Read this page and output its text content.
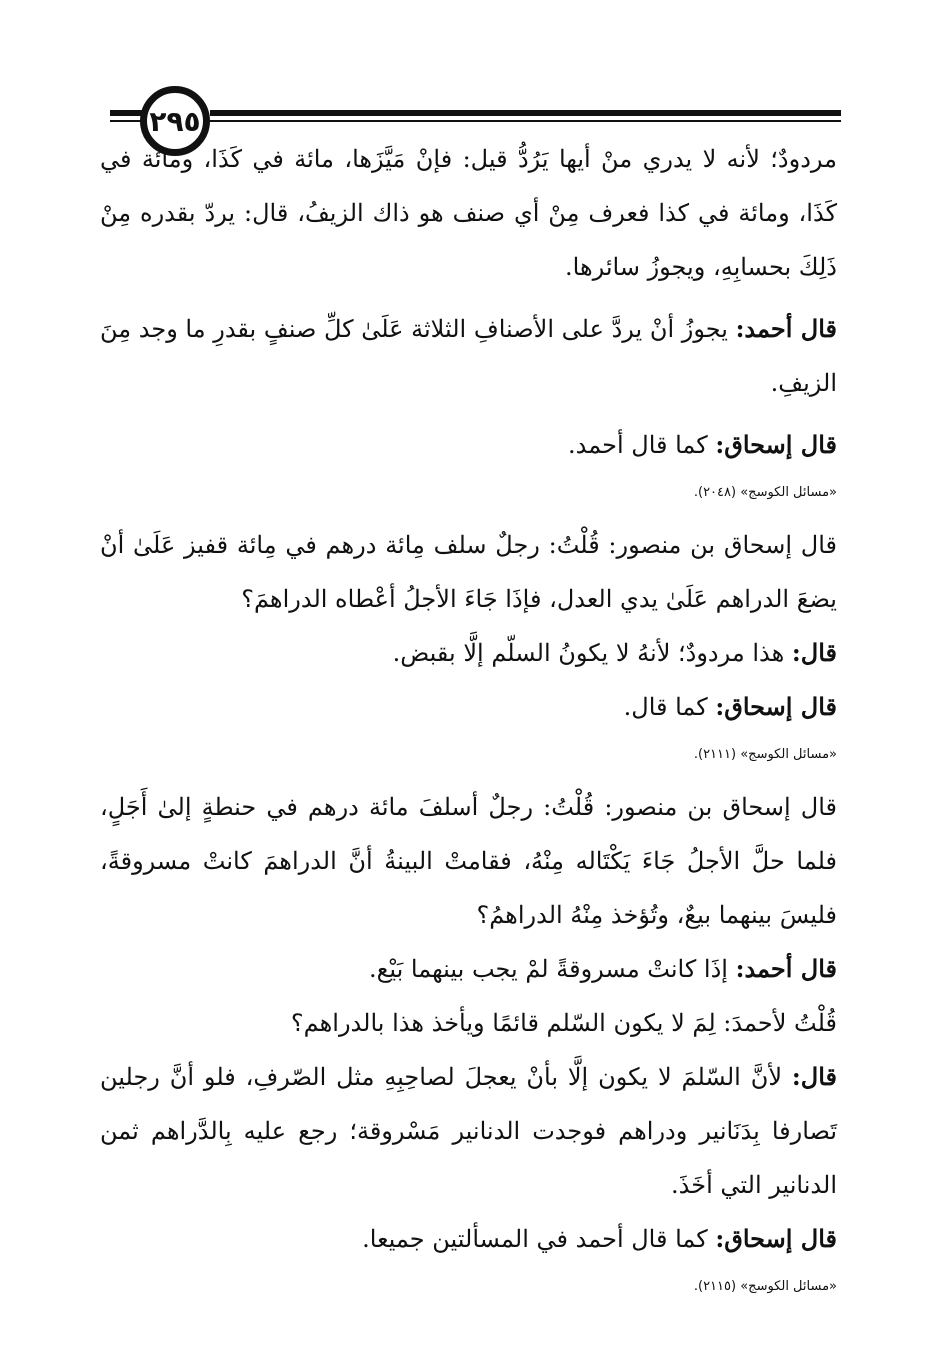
٢٩٥

مردودٌ؛ لأنه لا يدري منْ أيها يَرُدُّ قيل: فإنْ مَيَّزَها، مائة في كَذَا، ومائة في كَذَا، ومائة في كذا فعرف مِنْ أي صنف هو ذاك الزيفُ، قال: يردّ بقدره مِنْ ذَلِكَ بحسابِهِ، ويجوزُ سائرها.

قال أحمد: يجوزُ أنْ يردَّ على الأصنافِ الثلاثة عَلَىٰ كلِّ صنفٍ بقدرِ ما وجد مِنَ الزيفِ.

قال إسحاق: كما قال أحمد.

«مسائل الكوسج» (٢٠٤٨).

قال إسحاق بن منصور: قُلْتُ: رجلٌ سلف مِائة درهم في مِائة قفيز عَلَىٰ أنْ يضعَ الدراهم عَلَىٰ يدي العدل، فإذَا جَاءَ الأجلُ أعْطاه الدراهمَ؟

قال: هذا مردودٌ؛ لأنهُ لا يكونُ السلّم إلَّا بقبض.

قال إسحاق: كما قال.

«مسائل الكوسج» (٢١١١).

قال إسحاق بن منصور: قُلْتُ: رجلٌ أسلفَ مائة درهم في حنطةٍ إلىٰ أَجَلٍ، فلما حلَّ الأجلُ جَاءَ يَكْتَاله مِنْهُ، فقامتْ البينةُ أنَّ الدراهمَ كانتْ مسروقةً، فليسَ بينهما بيعٌ، وتُؤخذ مِنْهُ الدراهمُ؟

قال أحمد: إذَا كانتْ مسروقةً لمْ يجب بينهما بَيْع.

قُلْتُ لأحمدَ: لِمَ لا يكون السّلم قائمًا ويأخذ هذا بالدراهم؟

قال: لأنَّ السّلمَ لا يكون إلَّا بأنْ يعجلَ لصاحِبِهِ مثل الصّرفِ، فلو أنَّ رجلين تَصارفا بِدَنَانير ودراهم فوجدت الدنانير مَسْروقة؛ رجع عليه بِالدَّراهم ثمن الدنانير التي أخَذَ.

قال إسحاق: كما قال أحمد في المسألتين جميعا.

«مسائل الكوسج» (٢١١٥).
